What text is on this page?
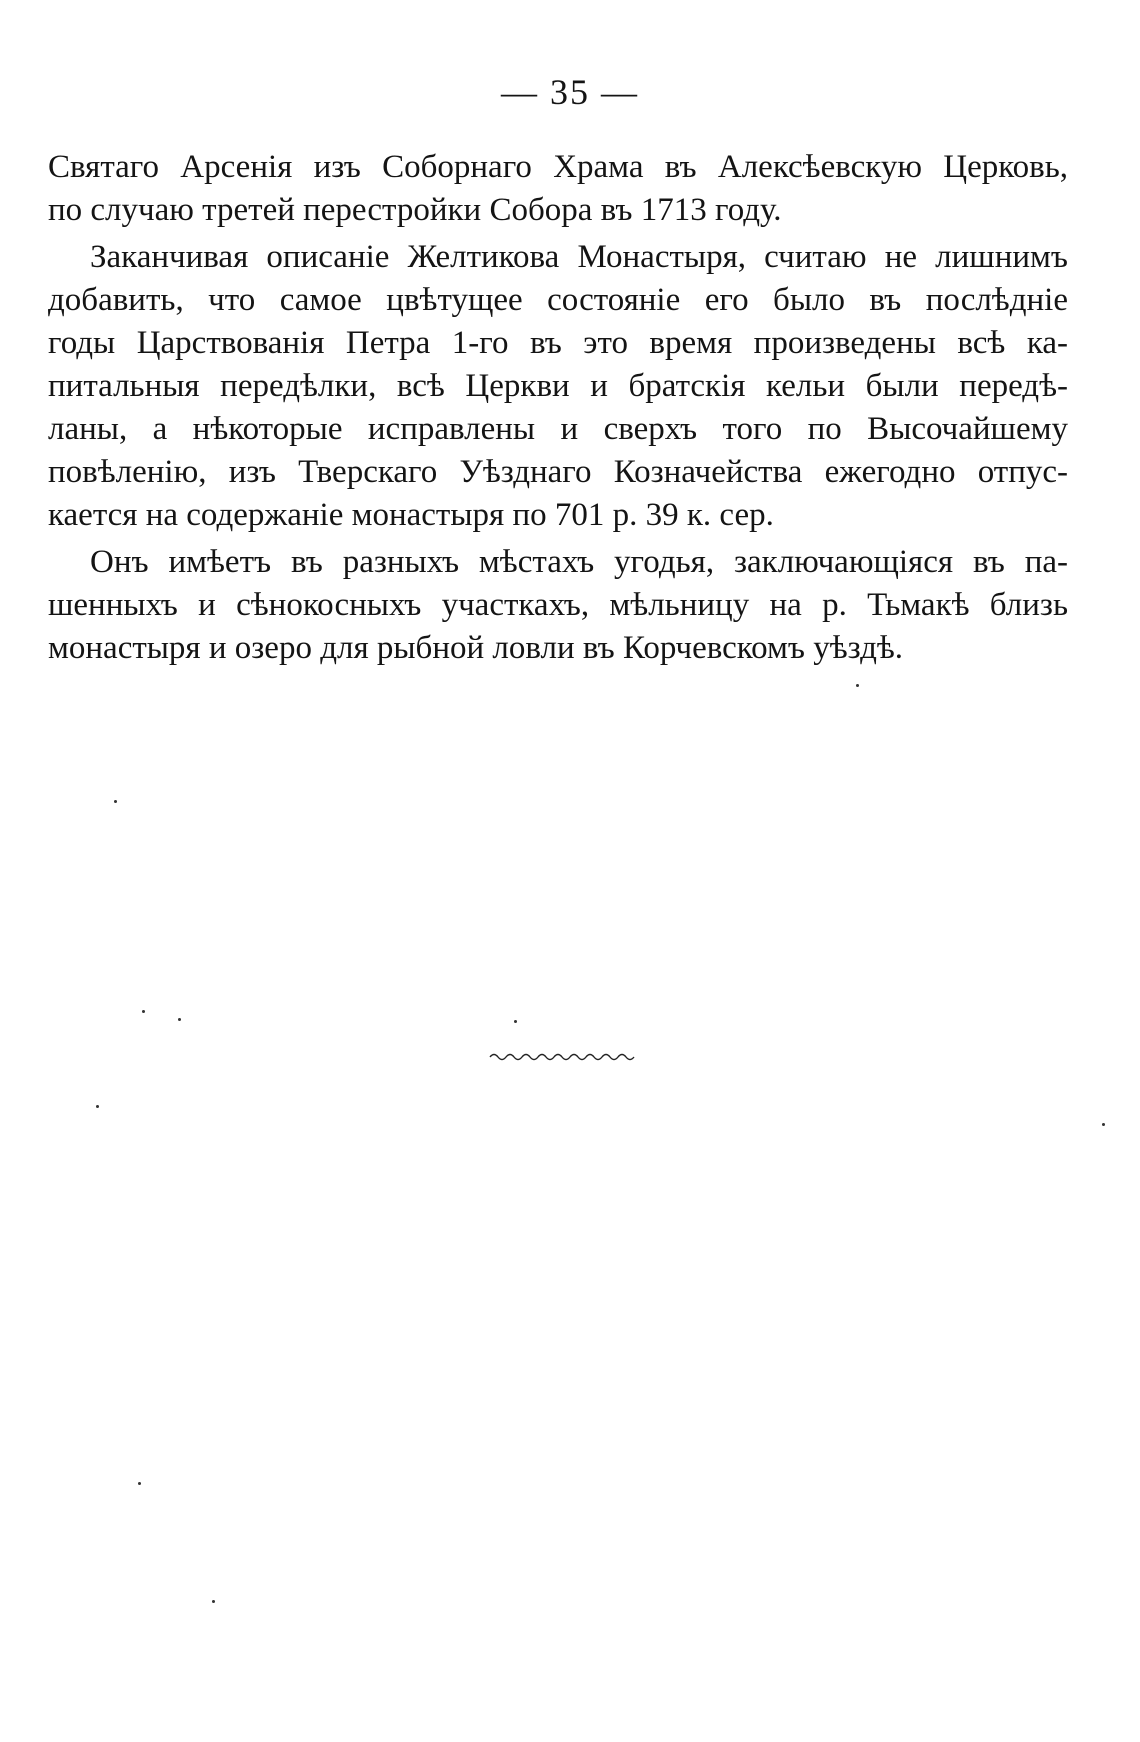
— 35 —
Святаго Арсенія изъ Соборнаго Храма въ Алексѣевскую Церковь,
по случаю третей перестройки Собора въ 1713 году.
Заканчивая описаніе Желтикова Монастыря, считаю не лишнимъ
добавить, что самое цвѣтущее состояніе его было въ послѣдніе
годы Царствованія Петра 1-го въ это время произведены всѣ ка-
питальныя передѣлки, всѣ Церкви и братскія кельи были передѣ-
ланы, а нѣкоторые исправлены и сверхъ того по Высочайшему
повѣленію, изъ Тверскаго Уѣзднаго Козначейства ежегодно отпус-
кается на содержаніе монастыря по 701 р. 39 к. сер.
Онъ имѣетъ въ разныхъ мѣстахъ угодья, заключающіяся въ па-
шенныхъ и сѣнокосныхъ участкахъ, мѣльницу на р. Тьмакѣ близь
монастыря и озеро для рыбной ловли въ Корчевскомъ уѣздѣ.
